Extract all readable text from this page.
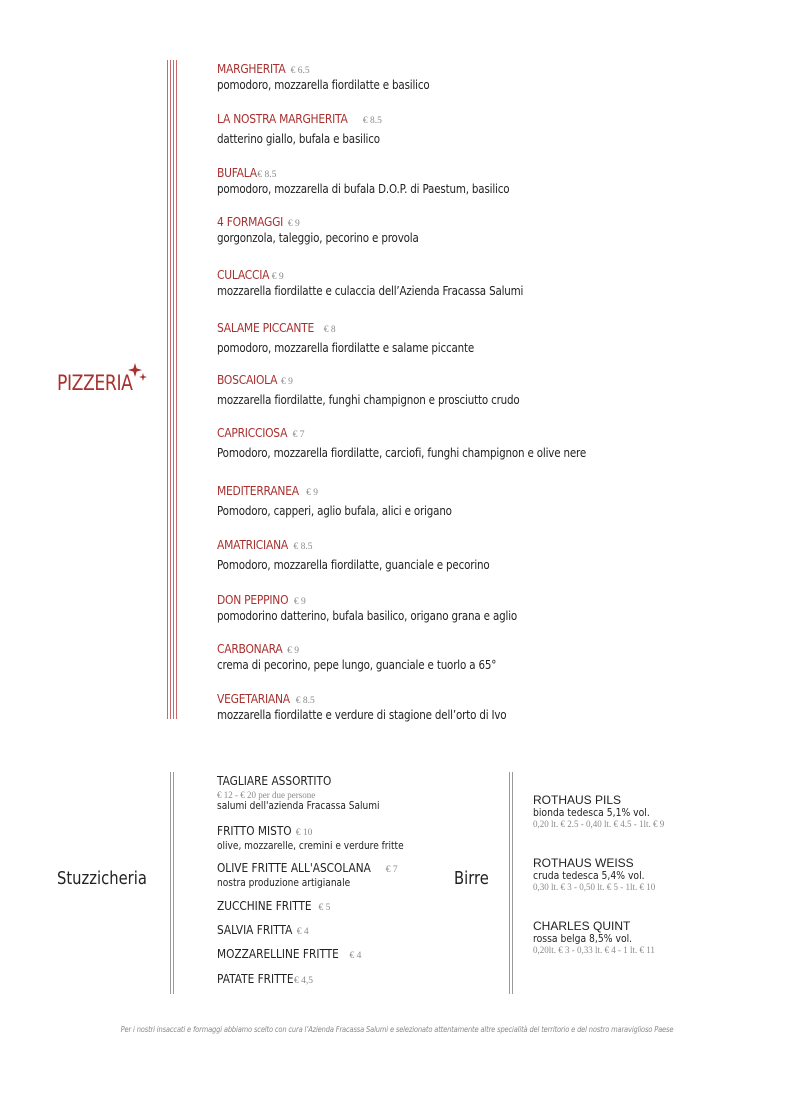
PIZZERIA
MARGHERITA € 6.5
pomodoro, mozzarella fiordilatte e basilico
LA NOSTRA MARGHERITA € 8.5
datterino giallo, bufala e basilico
BUFALA€ 8.5
pomodoro, mozzarella di bufala D.O.P. di Paestum, basilico
4 FORMAGGI € 9
gorgonzola, taleggio, pecorino e provola
CULACCIA € 9
mozzarella fiordilatte e culaccia dell’Azienda Fracassa Salumi
SALAME PICCANTE € 8
pomodoro, mozzarella fiordilatte e salame piccante
BOSCAIOLA € 9
mozzarella fiordilatte, funghi champignon e prosciutto crudo
CAPRICCIOSA € 7
Pomodoro, mozzarella fiordilatte, carciofi, funghi champignon e olive nere
MEDITERRANEA € 9
Pomodoro, capperi, aglio bufala, alici e origano
AMATRICIANA € 8.5
Pomodoro, mozzarella fiordilatte, guanciale e pecorino
DON PEPPINO € 9
pomodorino datterino, bufala basilico, origano grana e aglio
CARBONARA € 9
crema di pecorino, pepe lungo, guanciale e tuorlo a 65°
VEGETARIANA € 8.5
mozzarella fiordilatte e verdure di stagione dell’orto di Ivo
Stuzzicheria
TAGLIARE ASSORTITO
€ 12 - € 20 per due persone
salumi dell'azienda Fracassa Salumi
FRITTO MISTO € 10
olive, mozzarelle, cremini e verdure fritte
OLIVE FRITTE ALL'ASCOLANA € 7
nostra produzione artigianale
ZUCCHINE FRITTE € 5
SALVIA FRITTA € 4
MOZZARELLINE FRITTE € 4
PATATE FRITTE€ 4,5
Birre
ROTHAUS PILS
bionda tedesca 5,1% vol.
0,20 lt. € 2.5 - 0,40 lt. € 4.5 - 1lt. € 9
ROTHAUS WEISS
cruda tedesca 5,4% vol.
0,30 lt. € 3 - 0,50 lt. € 5 - 1lt. € 10
CHARLES QUINT
rossa belga 8,5% vol.
0,20lt. € 3 - 0,33 lt. € 4 - 1 lt. € 11
Per i nostri insaccati e formaggi abbiamo scelto con cura l’Azienda Fracassa Salumi e selezionato attentamente altre specialità del territorio e del nostro maraviglioso Paese
